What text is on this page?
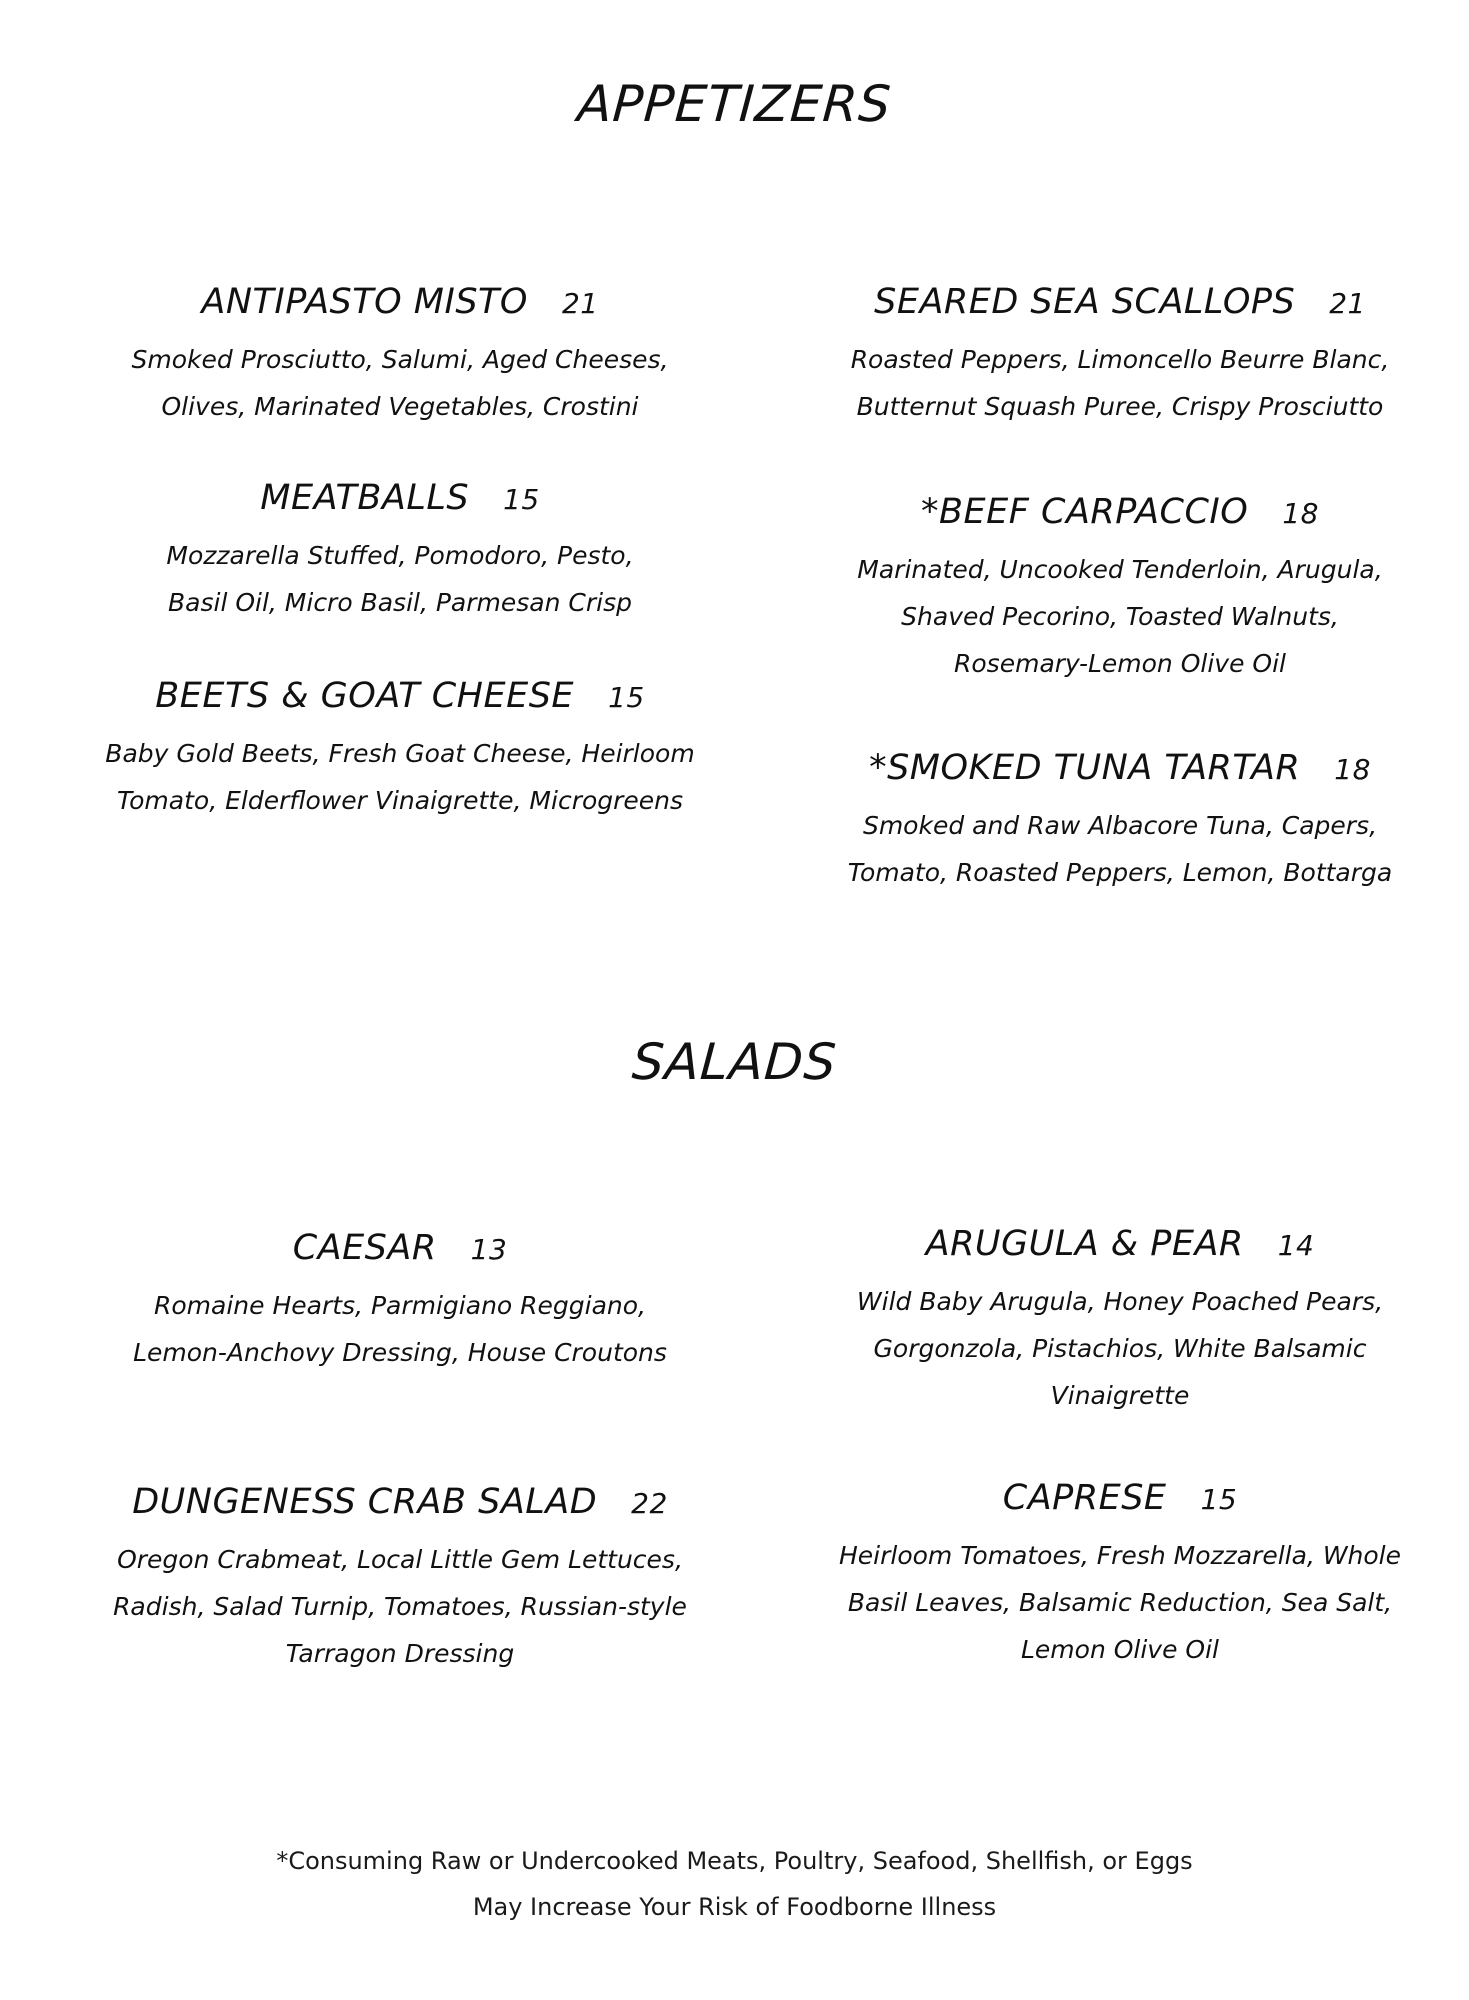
APPETIZERS
ANTIPASTO MISTO 21
Smoked Prosciutto, Salumi, Aged Cheeses,
Olives, Marinated Vegetables, Crostini
MEATBALLS 15
Mozzarella Stuffed, Pomodoro, Pesto,
Basil Oil, Micro Basil, Parmesan Crisp
BEETS & GOAT CHEESE 15
Baby Gold Beets, Fresh Goat Cheese, Heirloom
Tomato, Elderflower Vinaigrette, Microgreens
SEARED SEA SCALLOPS 21
Roasted Peppers, Limoncello Beurre Blanc,
Butternut Squash Puree, Crispy Prosciutto
*BEEF CARPACCIO 18
Marinated, Uncooked Tenderloin, Arugula,
Shaved Pecorino, Toasted Walnuts,
Rosemary-Lemon Olive Oil
*SMOKED TUNA TARTAR 18
Smoked and Raw Albacore Tuna, Capers,
Tomato, Roasted Peppers, Lemon, Bottarga
SALADS
CAESAR 13
Romaine Hearts, Parmigiano Reggiano,
Lemon-Anchovy Dressing, House Croutons
DUNGENESS CRAB SALAD 22
Oregon Crabmeat, Local Little Gem Lettuces,
Radish, Salad Turnip, Tomatoes, Russian-style
Tarragon Dressing
ARUGULA & PEAR 14
Wild Baby Arugula, Honey Poached Pears,
Gorgonzola, Pistachios, White Balsamic
Vinaigrette
CAPRESE 15
Heirloom Tomatoes, Fresh Mozzarella, Whole
Basil Leaves, Balsamic Reduction, Sea Salt,
Lemon Olive Oil
*Consuming Raw or Undercooked Meats, Poultry, Seafood, Shellfish, or Eggs
May Increase Your Risk of Foodborne Illness
